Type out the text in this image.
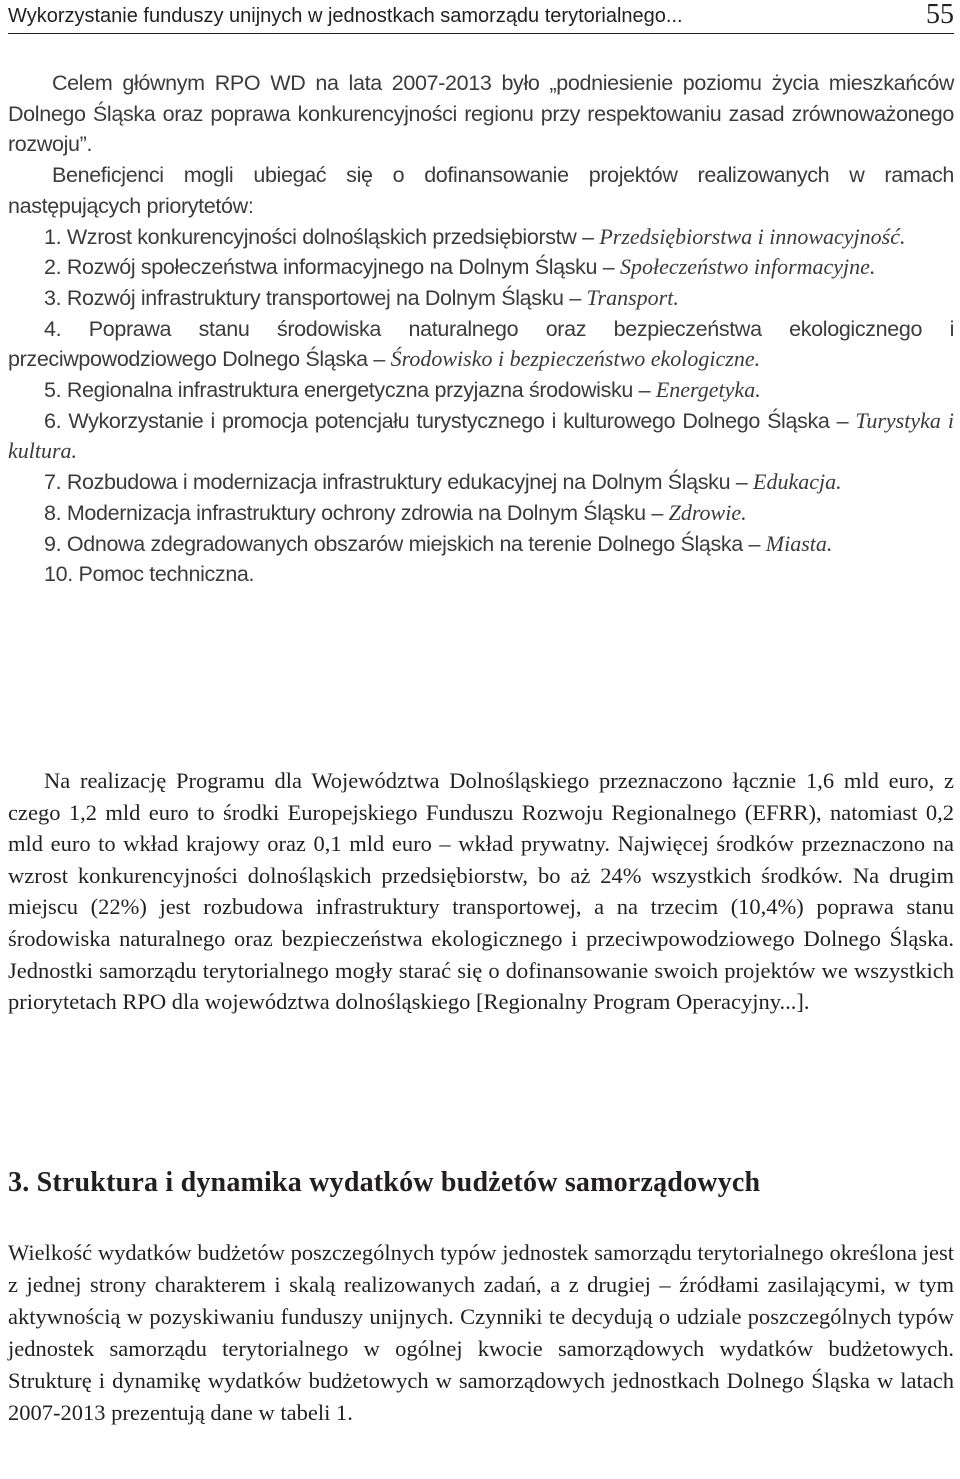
Wykorzystanie funduszy unijnych w jednostkach samorządu terytorialnego...	55

Celem głównym RPO WD na lata 2007-2013 było „podniesienie poziomu życia mieszkańców Dolnego Śląska oraz poprawa konkurencyjności regionu przy respektowaniu zasad zrównoważonego rozwoju”.

Beneficjenci mogli ubiegać się o dofinansowanie projektów realizowanych w ramach następujących priorytetów:

1. Wzrost konkurencyjności dolnośląskich przedsiębiorstw – Przedsiębiorstwa i innowacyjność.
2. Rozwój społeczeństwa informacyjnego na Dolnym Śląsku – Społeczeństwo informacyjne.
3. Rozwój infrastruktury transportowej na Dolnym Śląsku – Transport.
4. Poprawa stanu środowiska naturalnego oraz bezpieczeństwa ekologicznego i przeciwpowodziowego Dolnego Śląska – Środowisko i bezpieczeństwo ekologiczne.
5. Regionalna infrastruktura energetyczna przyjazna środowisku – Energetyka.
6. Wykorzystanie i promocja potencjału turystycznego i kulturowego Dolnego Śląska – Turystyka i kultura.
7. Rozbudowa i modernizacja infrastruktury edukacyjnej na Dolnym Śląsku – Edukacja.
8. Modernizacja infrastruktury ochrony zdrowia na Dolnym Śląsku – Zdrowie.
9. Odnowa zdegradowanych obszarów miejskich na terenie Dolnego Śląska – Miasta.
10. Pomoc techniczna.

Na realizację Programu dla Województwa Dolnośląskiego przeznaczono łącznie 1,6 mld euro, z czego 1,2 mld euro to środki Europejskiego Funduszu Rozwoju Regionalnego (EFRR), natomiast 0,2 mld euro to wkład krajowy oraz 0,1 mld euro – wkład prywatny. Najwięcej środków przeznaczono na wzrost konkurencyjności dolnośląskich przedsiębiorstw, bo aż 24% wszystkich środków. Na drugim miejscu (22%) jest rozbudowa infrastruktury transportowej, a na trzecim (10,4%) poprawa stanu środowiska naturalnego oraz bezpieczeństwa ekologicznego i przeciwpowodziowego Dolnego Śląska. Jednostki samorządu terytorialnego mogły starać się o dofinansowanie swoich projektów we wszystkich priorytetach RPO dla województwa dolnośląskiego [Regionalny Program Operacyjny...].

3. Struktura i dynamika wydatków budżetów samorządowych

Wielkość wydatków budżetów poszczególnych typów jednostek samorządu terytorialnego określona jest z jednej strony charakterem i skalą realizowanych zadań, a z drugiej – źródłami zasilającymi, w tym aktywnością w pozyskiwaniu funduszy unijnych. Czynniki te decydują o udziale poszczególnych typów jednostek samorządu terytorialnego w ogólnej kwocie samorządowych wydatków budżetowych. Strukturę i dynamikę wydatków budżetowych w samorządowych jednostkach Dolnego Śląska w latach 2007-2013 prezentują dane w tabeli 1.
